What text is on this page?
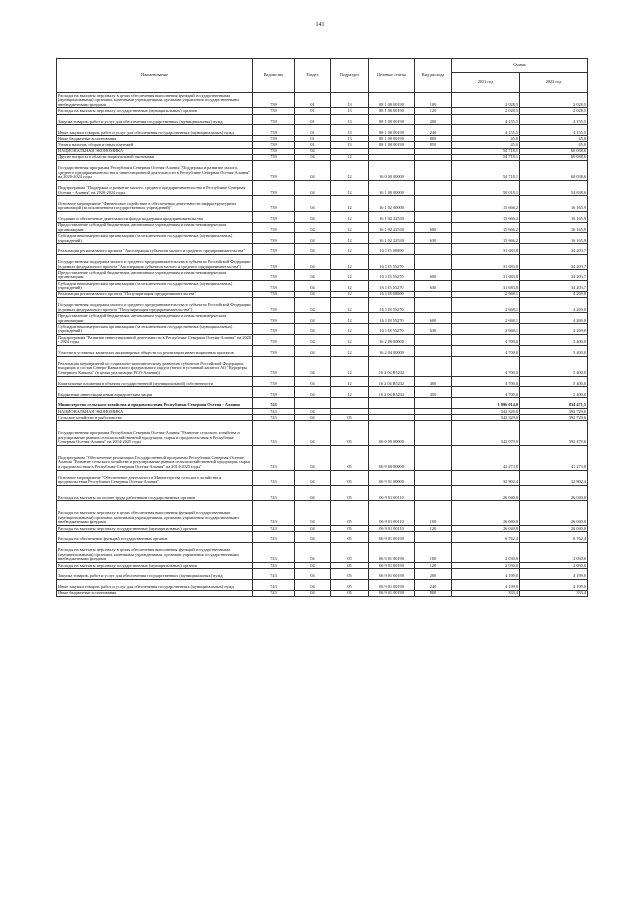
141
Наименование	Ведомство	Раздел	Подраздел	Целевые статьи	Вид расхода	Сумма	
						2021 год	2022 год
Расходы на выплаты персоналу в целях обеспечения выполнения функций государственными (муниципальными) органами, казенными учреждениями, органами управления государственными внебюджетными фондами	739	01	13	88 1 00 00190	100	2 028,5	2 028,5
Расходы на выплаты персоналу государственных (муниципальных) органов	739	01	13	88 1 00 00190	120	2 028,5	2 028,5
Закупка товаров, работ и услуг для обеспечения государственных (муниципальных) нужд	739	01	13	88 1 00 00190	200	4 155,5	4 155,5
Иные закупки товаров, работ и услуг для обеспечения государственных (муниципальных) нужд	739	01	13	88 1 00 00190	240	4 155,5	4 155,5
Иные бюджетные ассигнования	739	01	13	88 1 00 00190	800	45,0	45,0
Уплата налогов, сборов и иных платежей	739	01	13	88 1 00 00190	850	45,0	45,0
НАЦИОНАЛЬНАЯ ЭКОНОМИКА	739	04				54 718,1	60 038,6
Другие вопросы в области национальной экономики	739	04	12			54 718,1	60 038,6
Государственная программа Республики Северная Осетия-Алания "Поддержка и развитие малого, среднего предпринимательства и инвестиционной деятельности в Республике Северная Осетия-Алания" на 2020-2024 годы	739	04	12	16 0 00 00000		54 718,1	60 038,6
Подпрограмма "Поддержка и развитие малого, среднего предпринимательства в Республике Северная Осетия - Алания" на 2020-2024 годы	739	04	12	16 1 00 00000		50 018,1	54 638,6
Основное мероприятие "Финансовое содействие в обеспечении деятельности инфраструктурных организаций (за исключением государственных учреждений)"	739	04	12	16 1 02 00000		15 666,2	16 165,9
Создание и обеспечение деятельности фонда поддержки предпринимательства	739	04	12	16 1 02 22530		15 666,2	16 165,9
Предоставление субсидий бюджетным, автономным учреждениям и иным некоммерческим организациям	739	04	12	16 1 02 22530	600	15 666,2	16 165,9
Субсидии некоммерческим организациям (за исключением государственных (муниципальных) учреждений)	739	04	12	16 1 02 22530	630	15 666,2	16 165,9
Реализация регионального проекта "Акселерация субъектов малого и среднего предпринимательства"	739	04	12	16 1 I5 00000		31 683,8	34 203,7
Государственная поддержка малого и среднего предпринимательства в субъектах Российской Федерации (в рамках федерального проекта "Акселерация субъектов малого и среднего предпринимательства")	739	04	12	16 1 I5 55270		31 683,8	34 203,7
Предоставление субсидий бюджетным, автономным учреждениям и иным некоммерческим организациям	739	04	12	16 1 I5 55270	600	31 683,8	34 203,7
Субсидии некоммерческим организациям (за исключением государственных (муниципальных) учреждений)	739	04	12	16 1 I5 55270	630	31 683,8	34 203,7
Реализация регионального проекта "Популяризация предпринимательства"	739	04	12	16 1 I8 00000		2 668,1	4 269,0
Государственная поддержка малого и среднего предпринимательства в субъектах Российской Федерации (в рамках федерального проекта "Популяризация предпринимательства")	739	04	12	16 1 I8 55270		2 668,1	4 269,0
Предоставление субсидий бюджетным, автономным учреждениям и иным некоммерческим организациям	739	04	12	16 1 I8 55270	600	2 668,1	4 269,0
Субсидии некоммерческим организациям (за исключением государственных (муниципальных) учреждений)	739	04	12	16 1 I8 55270	630	2 668,1	4 269,0
Подпрограмма "Развитие инвестиционной деятельности в Республике Северная Осетия-Алания" на 2020 - 2024 годы	739	04	12	16 2 00 00000		4 700,0	5 400,0
Участие в уставных капиталах акционерных обществ по реализации инвестиционных проектов	739	04	12	16 2 04 00000		4 700,0	5 400,0
Реализация мероприятий по социально-экономическому развитию субъектов Российской Федерации, входящих в состав Северо-Кавказского федерального округа (взнос в уставный капитал АО "Курортры Северного Кавказа" (в целях реализации РСО-Алания))	739	04	12	16 2 04 R5232		4 700,0	5 400,0
Капитальные вложения в объекты государственной (муниципальной) собственности	739	04	12	16 2 04 R5232	400	4 700,0	5 400,0
Бюджетные инвестиции иным юридическим лицам	739	04	12	16 2 04 R5232	450	4 700,0	5 400,0
Министерство сельского хозяйства и продовольствия Республики Северная Осетия - Алания	743					1 096 014,0	834 471,5
НАЦИОНАЛЬНАЯ ЭКОНОМИКА	743	04				542 329,0	592 729,6
Сельское хозяйство и рыболовство	743	04	05			542 329,0	592 729,6
Государственная программа Республики Северная Осетия-Алания "Развитие сельского хозяйства и регулирование рынков сельскохозяйственной продукции, сырья и продовольствия в Республике Северная Осетия-Алания" на 2014-2025 годы	743	04	05	06 0 00 00000		542 079,0	592 479,6
Подпрограмма "Обеспечение реализации Государственной программы Республики Северная Осетия-Алания "Развитие сельского хозяйства и регулирование рынков сельскохозяйственной продукции, сырья и продовольствия в Республике Северная Осетия-Алания" на 2014-2025 годы"	743	04	05	06 9 00 00000		42 273,8	41 273,8
Основное мероприятие "Обеспечение деятельности Министерства сельского хозяйства и продовольствия Республики Северная Осетия-Алания"	743	04	05	06 9 01 00000		32 802,4	32 802,4
Расходы на выплаты по оплате труда работников государственных органов	743	04	05	06 9 01 00110		26 040,0	26 040,0
Расходы на выплаты персоналу в целях обеспечения выполнения функций государственными (муниципальными) органами, казенными учреждениями, органами управления государственными внебюджетными фондами	743	04	05	06 9 01 00110	100	26 040,0	26 040,0
Расходы на выплаты персоналу государственных (муниципальных) органов	743	04	05	06 9 01 00110	120	26 040,0	26 040,0
Расходы на обеспечение функций государственных органов	743	04	05	06 9 01 00190		6 762,4	6 762,4
Расходы на выплаты персоналу в целях обеспечения выполнения функций государственными (муниципальными) органами, казенными учреждениями, органами управления государственными внебюджетными фондами	743	04	05	06 9 01 00190	100	2 030,0	2 030,0
Расходы на выплаты персоналу государственных (муниципальных) органов	743	04	05	06 9 01 00190	120	2 030,0	2 030,0
Закупка товаров, работ и услуг для обеспечения государственных (муниципальных) нужд	743	04	05	06 9 01 00190	200	4 199,0	4 199,0
Иные закупки товаров, работ и услуг для обеспечения государственных (муниципальных) нужд	743	04	05	06 9 01 00190	240	4 199,0	4 199,0
Иные бюджетные ассигнования	743	04	05	06 9 01 00190	800	333,4	333,4
